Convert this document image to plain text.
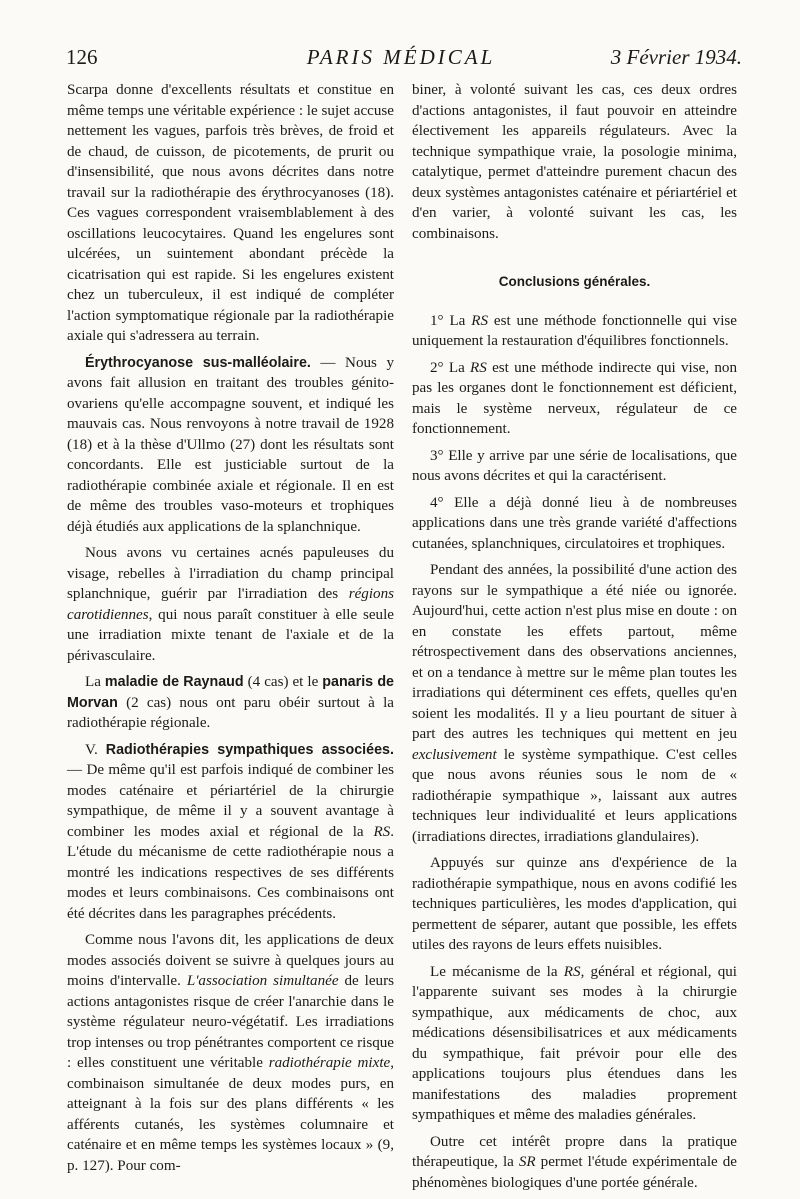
126	PARIS MÉDICAL	3 Février 1934.

Scarpa donne d'excellents résultats et constitue en même temps une véritable expérience : le sujet accuse nettement les vagues, parfois très brèves, de froid et de chaud, de cuisson, de picotements, de prurit ou d'insensibilité, que nous avons décrites dans notre travail sur la radiothérapie des érythrocyanoses (18). Ces vagues correspondent vraisemblablement à des oscillations leucocytaires. Quand les engelures sont ulcérées, un suintement abondant précède la cicatrisation qui est rapide. Si les engelures existent chez un tuberculeux, il est indiqué de compléter l'action symptomatique régionale par la radiothérapie axiale qui s'adressera au terrain.

Érythrocyanose sus-malléolaire. — Nous y avons fait allusion en traitant des troubles génito-ovariens qu'elle accompagne souvent, et indiqué les mauvais cas. Nous renvoyons à notre travail de 1928 (18) et à la thèse d'Ullmo (27) dont les résultats sont concordants. Elle est justiciable surtout de la radiothérapie combinée axiale et régionale. Il en est de même des troubles vaso-moteurs et trophiques déjà étudiés aux applications de la splanchnique.

Nous avons vu certaines acnés papuleuses du visage, rebelles à l'irradiation du champ principal splanchnique, guérir par l'irradiation des régions carotidiennes, qui nous paraît constituer à elle seule une irradiation mixte tenant de l'axiale et de la périvasculaire.

La maladie de Raynaud (4 cas) et le panaris de Morvan (2 cas) nous ont paru obéir surtout à la radiothérapie régionale.

V. Radiothérapies sympathiques associées. — De même qu'il est parfois indiqué de combiner les modes caténaire et périartériel de la chirurgie sympathique, de même il y a souvent avantage à combiner les modes axial et régional de la RS. L'étude du mécanisme de cette radiothérapie nous a montré les indications respectives de ses différents modes et leurs combinaisons. Ces combinaisons ont été décrites dans les paragraphes précédents.

Comme nous l'avons dit, les applications de deux modes associés doivent se suivre à quelques jours au moins d'intervalle. L'association simultanée de leurs actions antagonistes risque de créer l'anarchie dans le système régulateur neuro-végétatif. Les irradiations trop intenses ou trop pénétrantes comportent ce risque : elles constituent une véritable radiothérapie mixte, combinaison simultanée de deux modes purs, en atteignant à la fois sur des plans différents « les afférents cutanés, les systèmes columnaire et caténaire et en même temps les systèmes locaux » (9, p. 127). Pour com-

biner, à volonté suivant les cas, ces deux ordres d'actions antagonistes, il faut pouvoir en atteindre électivement les appareils régulateurs. Avec la technique sympathique vraie, la posologie minima, catalytique, permet d'atteindre purement chacun des deux systèmes antagonistes caténaire et périartériel et d'en varier, à volonté suivant les cas, les combinaisons.

Conclusions générales.

1° La RS est une méthode fonctionnelle qui vise uniquement la restauration d'équilibres fonctionnels.

2° La RS est une méthode indirecte qui vise, non pas les organes dont le fonctionnement est déficient, mais le système nerveux, régulateur de ce fonctionnement.

3° Elle y arrive par une série de localisations, que nous avons décrites et qui la caractérisent.

4° Elle a déjà donné lieu à de nombreuses applications dans une très grande variété d'affections cutanées, splanchniques, circulatoires et trophiques.

Pendant des années, la possibilité d'une action des rayons sur le sympathique a été niée ou ignorée. Aujourd'hui, cette action n'est plus mise en doute : on en constate les effets partout, même rétrospectivement dans des observations anciennes, et on a tendance à mettre sur le même plan toutes les irradiations qui déterminent ces effets, quelles qu'en soient les modalités. Il y a lieu pourtant de situer à part des autres les techniques qui mettent en jeu exclusivement le système sympathique. C'est celles que nous avons réunies sous le nom de « radiothérapie sympathique », laissant aux autres techniques leur individualité et leurs applications (irradiations directes, irradiations glandulaires).

Appuyés sur quinze ans d'expérience de la radiothérapie sympathique, nous en avons codifié les techniques particulières, les modes d'application, qui permettent de séparer, autant que possible, les effets utiles des rayons de leurs effets nuisibles.

Le mécanisme de la RS, général et régional, qui l'apparente suivant ses modes à la chirurgie sympathique, aux médicaments de choc, aux médications désensibilisatrices et aux médicaments du sympathique, fait prévoir pour elle des applications toujours plus étendues dans les manifestations des maladies proprement sympathiques et même des maladies générales.

Outre cet intérêt propre dans la pratique thérapeutique, la SR permet l'étude expérimentale de phénomènes biologiques d'une portée générale.
